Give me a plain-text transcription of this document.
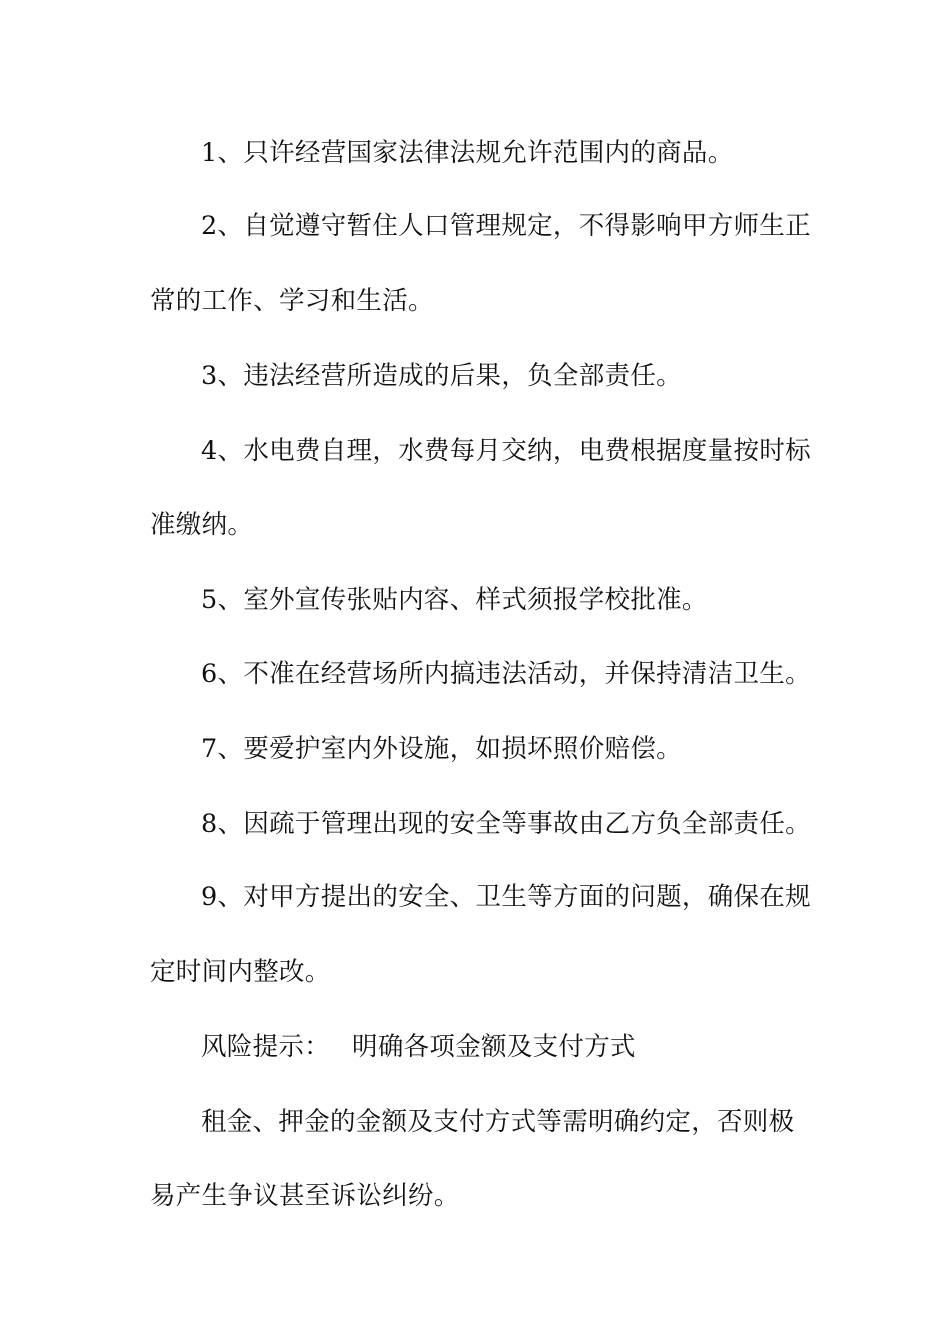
1、只许经营国家法律法规允许范围内的商品。
2、自觉遵守暂住人口管理规定，不得影响甲方师生正
常的工作、学习和生活。
3、违法经营所造成的后果，负全部责任。
4、水电费自理，水费每月交纳，电费根据度量按时标
准缴纳。
5、室外宣传张贴内容、样式须报学校批准。
6、不准在经营场所内搞违法活动，并保持清洁卫生。
7、要爱护室内外设施，如损坏照价赔偿。
8、因疏于管理出现的安全等事故由乙方负全部责任。
9、对甲方提出的安全、卫生等方面的问题，确保在规
定时间内整改。
风险提示： 明确各项金额及支付方式
租金、押金的金额及支付方式等需明确约定，否则极
易产生争议甚至诉讼纠纷。
